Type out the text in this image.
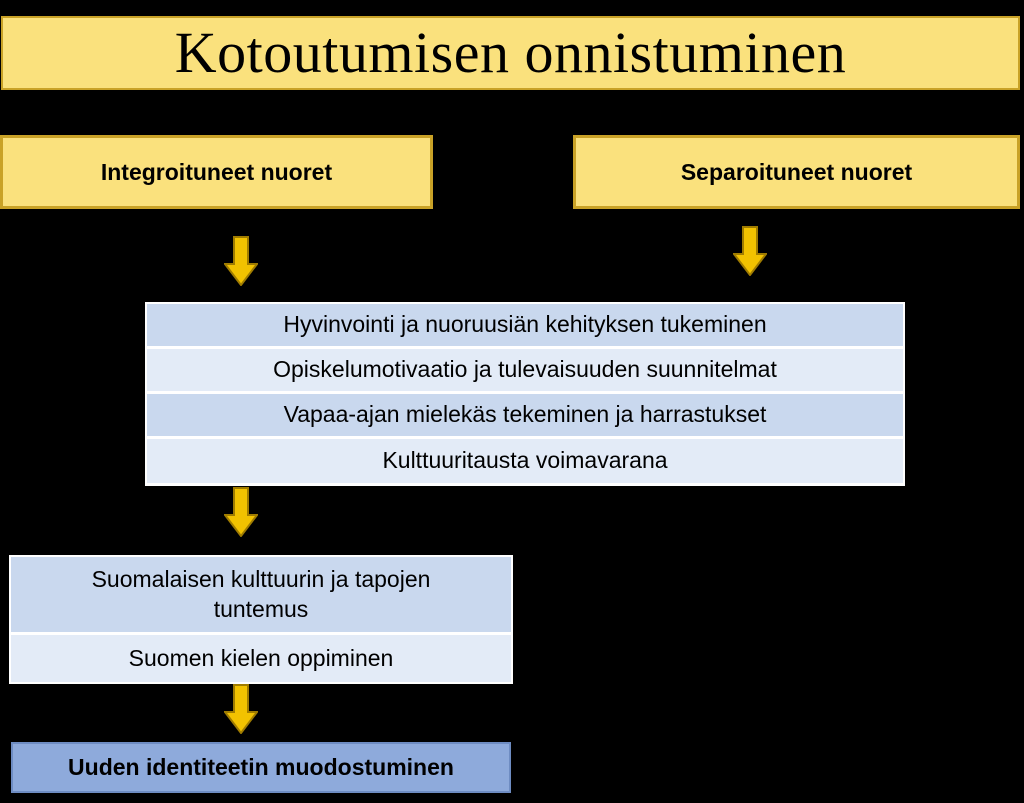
Kotoutumisen onnistuminen
Integroituneet nuoret	Separoituneet nuoret
Hyvinvointi ja nuoruusiän kehityksen tukeminen
Opiskelumotivaatio ja tulevaisuuden suunnitelmat
Vapaa-ajan mielekäs tekeminen ja harrastukset
Kulttuuritausta voimavarana
Suomalaisen kulttuurin ja tapojen tuntemus
Suomen kielen oppiminen
Uuden identiteetin muodostuminen
